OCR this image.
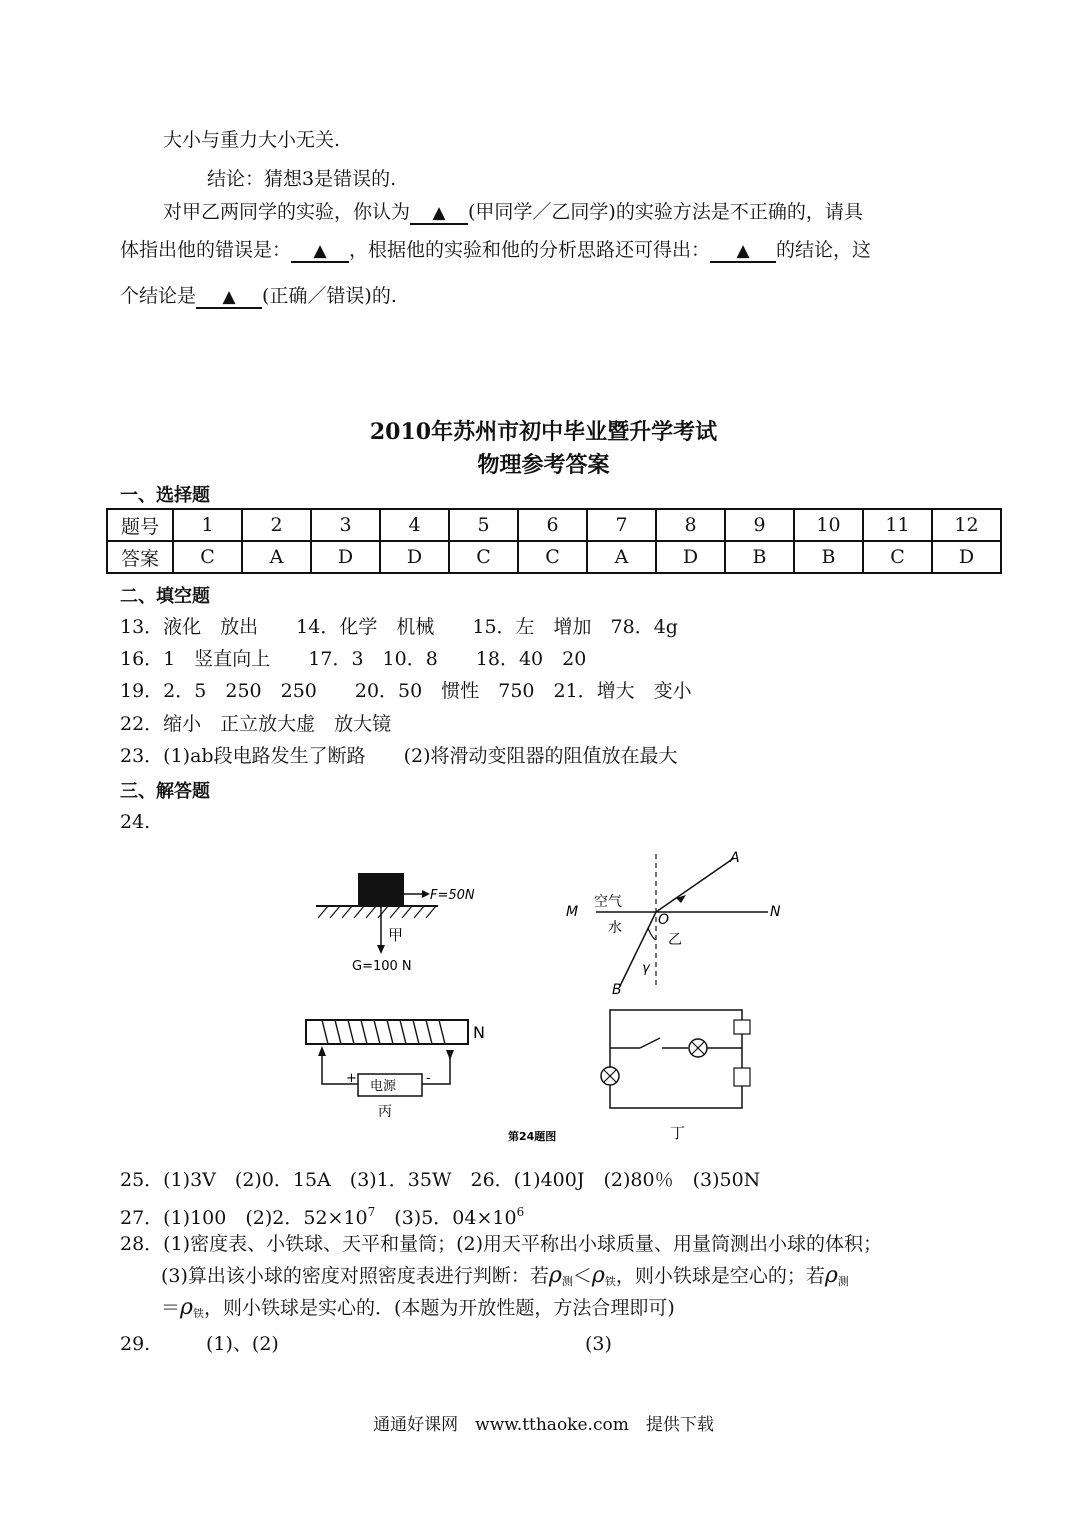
大小与重力大小无关.
结论：猜想3是错误的.
对甲乙两同学的实验，你认为 ▲ (甲同学／乙同学)的实验方法是不正确的，请具
体指出他的错误是： ▲ ，根据他的实验和他的分析思路还可得出： ▲ 的结论，这
个结论是 ▲ (正确／错误)的.
2010年苏州市初中毕业暨升学考试
物理参考答案
一、选择题
题号	1	2	3	4	5	6	7	8	9	10	11	12
答案	C	A	D	D	C	C	A	D	B	B	C	D
二、填空题
13．液化　放出　　14．化学　机械　　15．左　增加　78．4g
16．1　竖直向上　　17．3　10．8　　18．40　20
19．2．5　250　250　　20．50　惯性　750　21．增大　变小
22．缩小　正立放大虚　放大镜
23．(1)ab段电路发生了断路　　(2)将滑动变阻器的阻值放在最大
三、解答题
24.
F=50N
甲
G=100 N
M
空气
水	O	N
A
乙
γ
B
N
电源
+	-
丙
丁
第24题图
25．(1)3V　(2)0．15A　(3)1．35W　26．(1)400J　(2)80％　(3)50N
27．(1)100　(2)2．$52\times 10^7$　(3)5．$04\times 10^6$
28．(1)密度表、小铁球、天平和量筒；(2)用天平称出小球质量、用量筒测出小球的体积；
(3)算出该小球的密度对照密度表进行判断：若$\rho_测<\rho_铁$，则小铁球是空心的；若$\rho_测$
$=\rho_铁$，则小铁球是实心的．(本题为开放性题，方法合理即可)
29.	(1)、(2)	(3)
通通好课网　www.tthaoke.com　提供下载
